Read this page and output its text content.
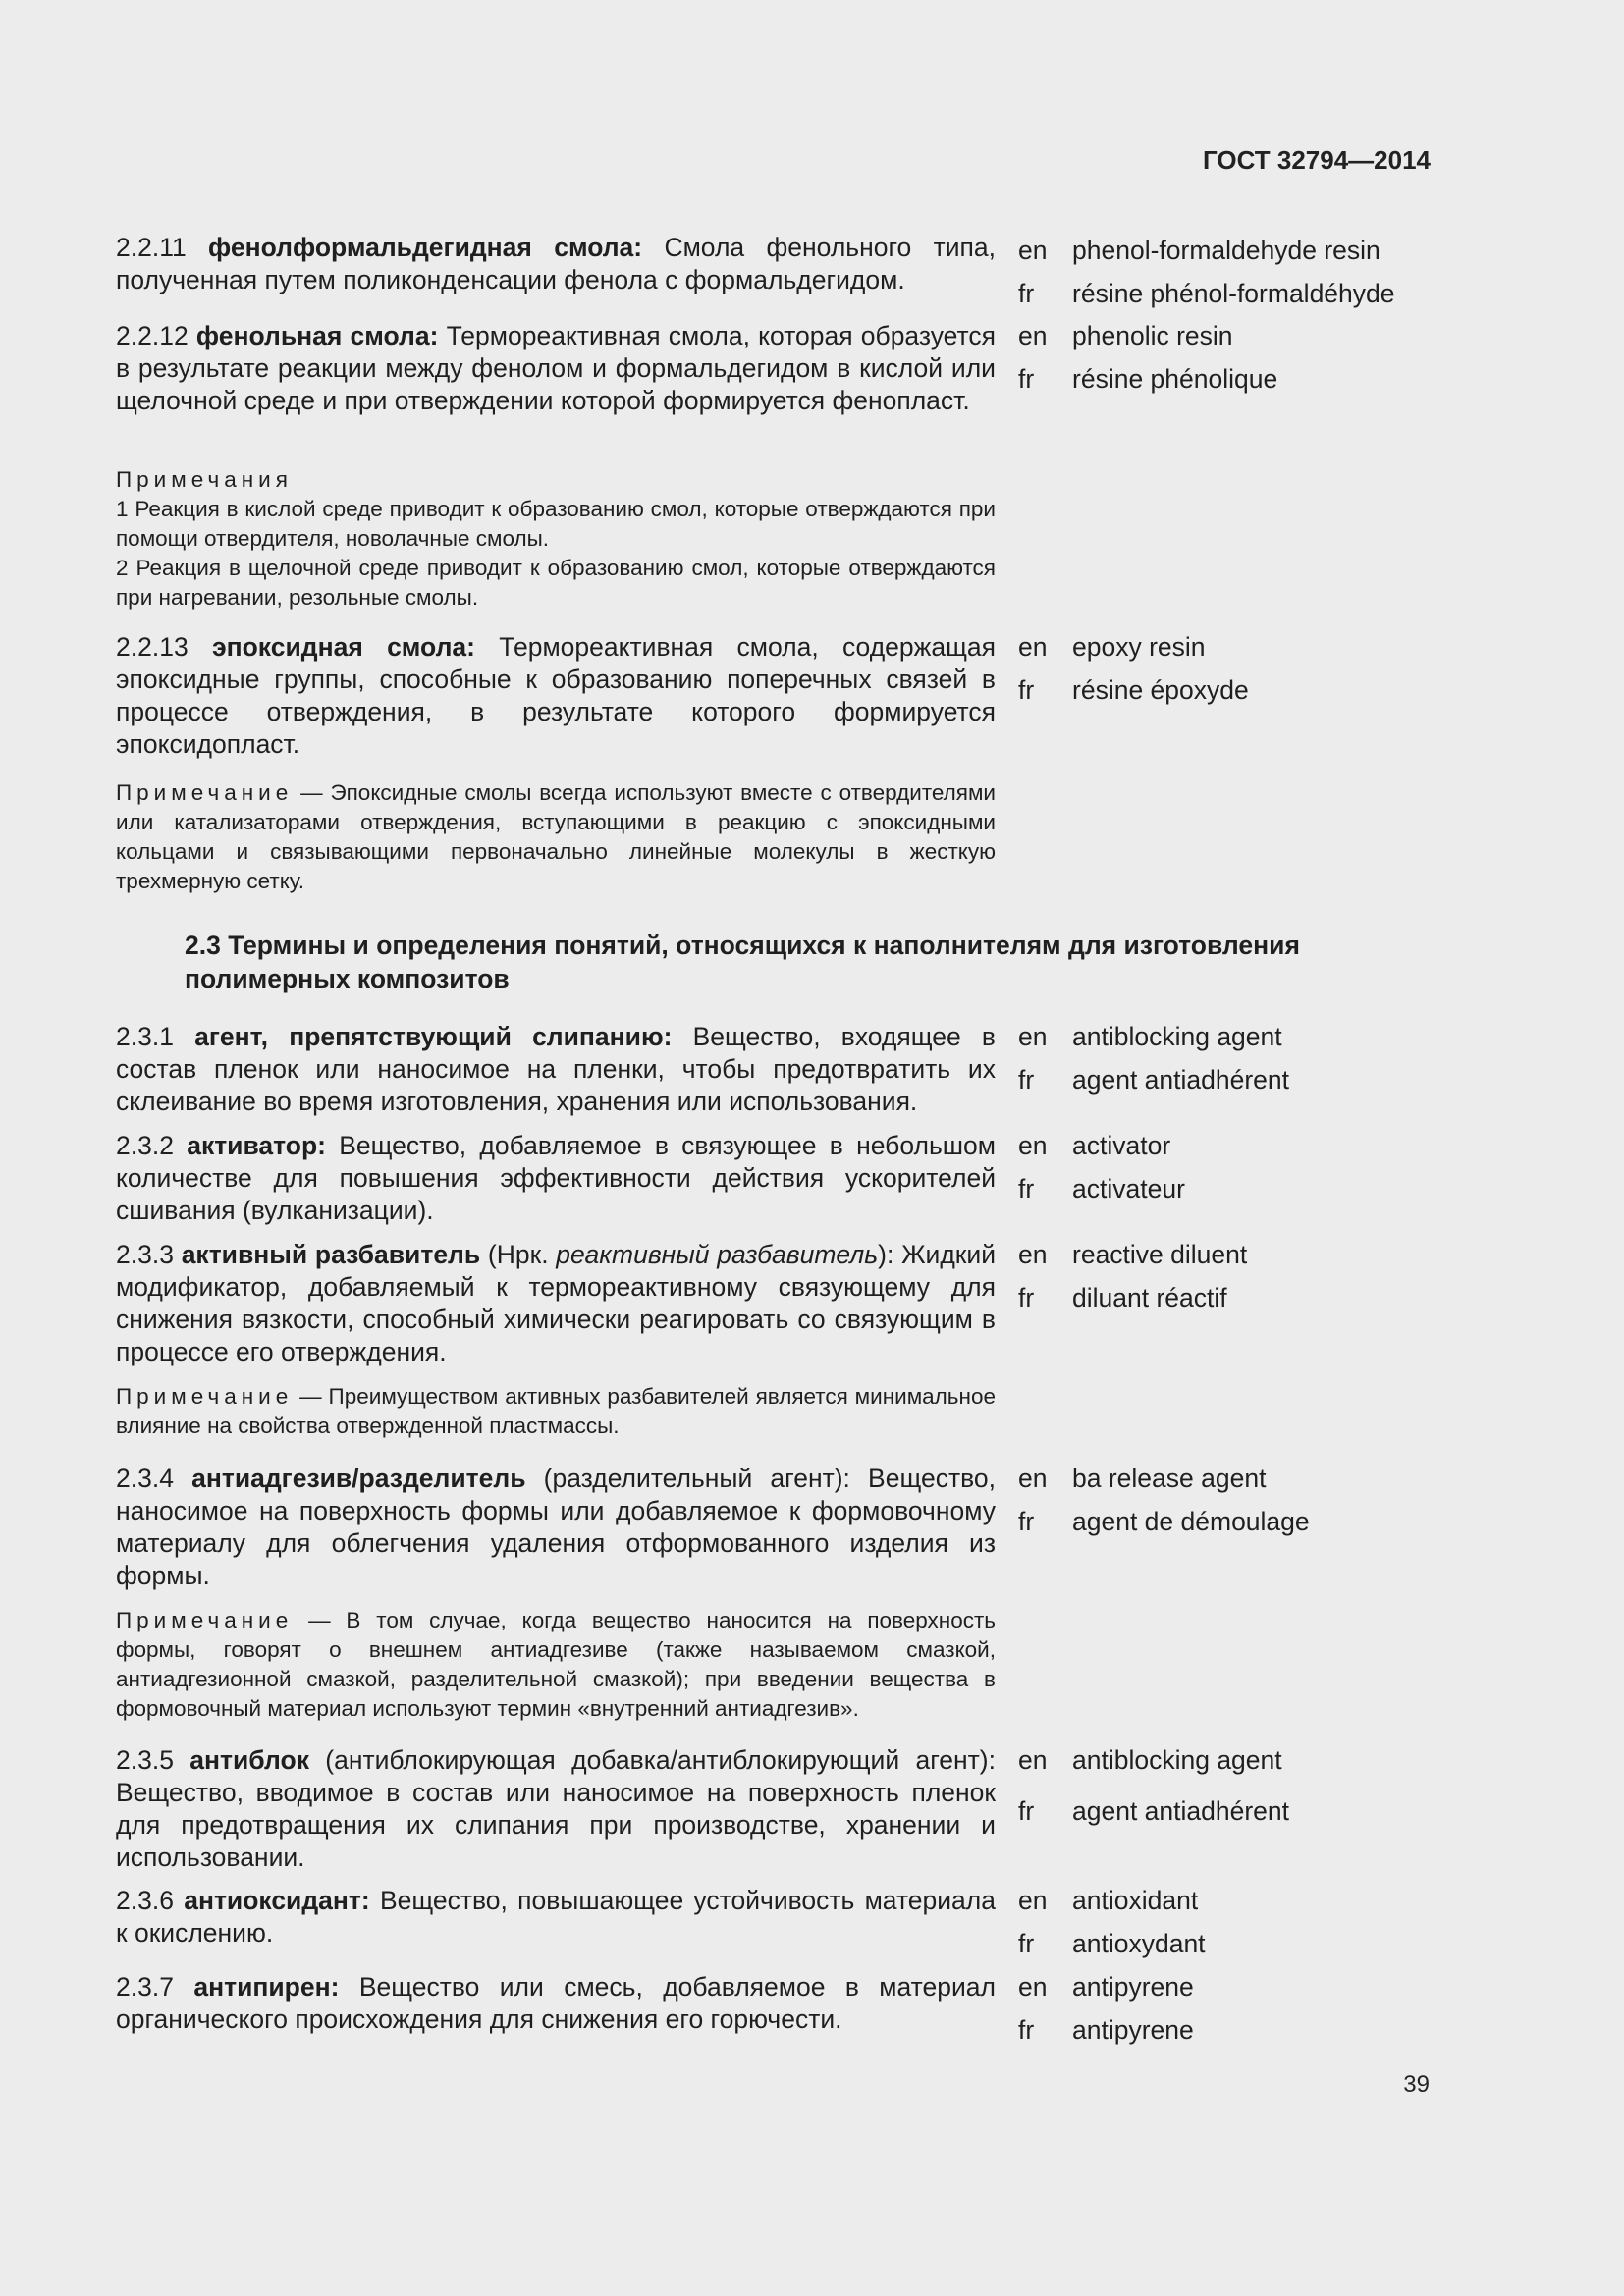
ГОСТ 32794—2014
2.2.11 фенолформальдегидная смола: Смола фенольного типа, полученная путем поликонденсации фенола с формальдегидом.
en phenol-formaldehyde resin
fr résine phénol-formaldéhyde
2.2.12 фенольная смола: Термореактивная смола, которая образуется в результате реакции между фенолом и формальдегидом в кислой или щелочной среде и при отверждении которой формируется фенопласт.
en phenolic resin
fr résine phénolique
Примечания
1 Реакция в кислой среде приводит к образованию смол, которые отверждаются при помощи отвердителя, новолачные смолы.
2 Реакция в щелочной среде приводит к образованию смол, которые отверждаются при нагревании, резольные смолы.
2.2.13 эпоксидная смола: Термореактивная смола, содержащая эпоксидные группы, способные к образованию поперечных связей в процессе отверждения, в результате которого формируется эпоксидопласт.
en epoxy resin
fr résine époxyde
Примечание — Эпоксидные смолы всегда используют вместе с отвердителями или катализаторами отверждения, вступающими в реакцию с эпоксидными кольцами и связывающими первоначально линейные молекулы в жесткую трехмерную сетку.
2.3 Термины и определения понятий, относящихся к наполнителям для изготовления полимерных композитов
2.3.1 агент, препятствующий слипанию: Вещество, входящее в состав пленок или наносимое на пленки, чтобы предотвратить их склеивание во время изготовления, хранения или использования.
en antiblocking agent
fr agent antiadhérent
2.3.2 активатор: Вещество, добавляемое в связующее в небольшом количестве для повышения эффективности действия ускорителей сшивания (вулканизации).
en activator
fr activateur
2.3.3 активный разбавитель (Нрк. реактивный разбавитель): Жидкий модификатор, добавляемый к термореактивному связующему для снижения вязкости, способный химически реагировать со связующим в процессе его отверждения.
en reactive diluent
fr diluant réactif
Примечание — Преимуществом активных разбавителей является минимальное влияние на свойства отвержденной пластмассы.
2.3.4 антиадгезив/разделитель (разделительный агент): Вещество, наносимое на поверхность формы или добавляемое к формовочному материалу для облегчения удаления отформованного изделия из формы.
en ba release agent
fr agent de démoulage
Примечание — В том случае, когда вещество наносится на поверхность формы, говорят о внешнем антиадгезиве (также называемом смазкой, антиадгезионной смазкой, разделительной смазкой); при введении вещества в формовочный материал используют термин «внутренний антиадгезив».
2.3.5 антиблок (антиблокирующая добавка/антиблокирующий агент): Вещество, вводимое в состав или наносимое на поверхность пленок для предотвращения их слипания при производстве, хранении и использовании.
en antiblocking agent
fr agent antiadhérent
2.3.6 антиоксидант: Вещество, повышающее устойчивость материала к окислению.
en antioxidant
fr antioxydant
2.3.7 антипирен: Вещество или смесь, добавляемое в материал органического происхождения для снижения его горючести.
en antipyrene
fr antipyrene
39
